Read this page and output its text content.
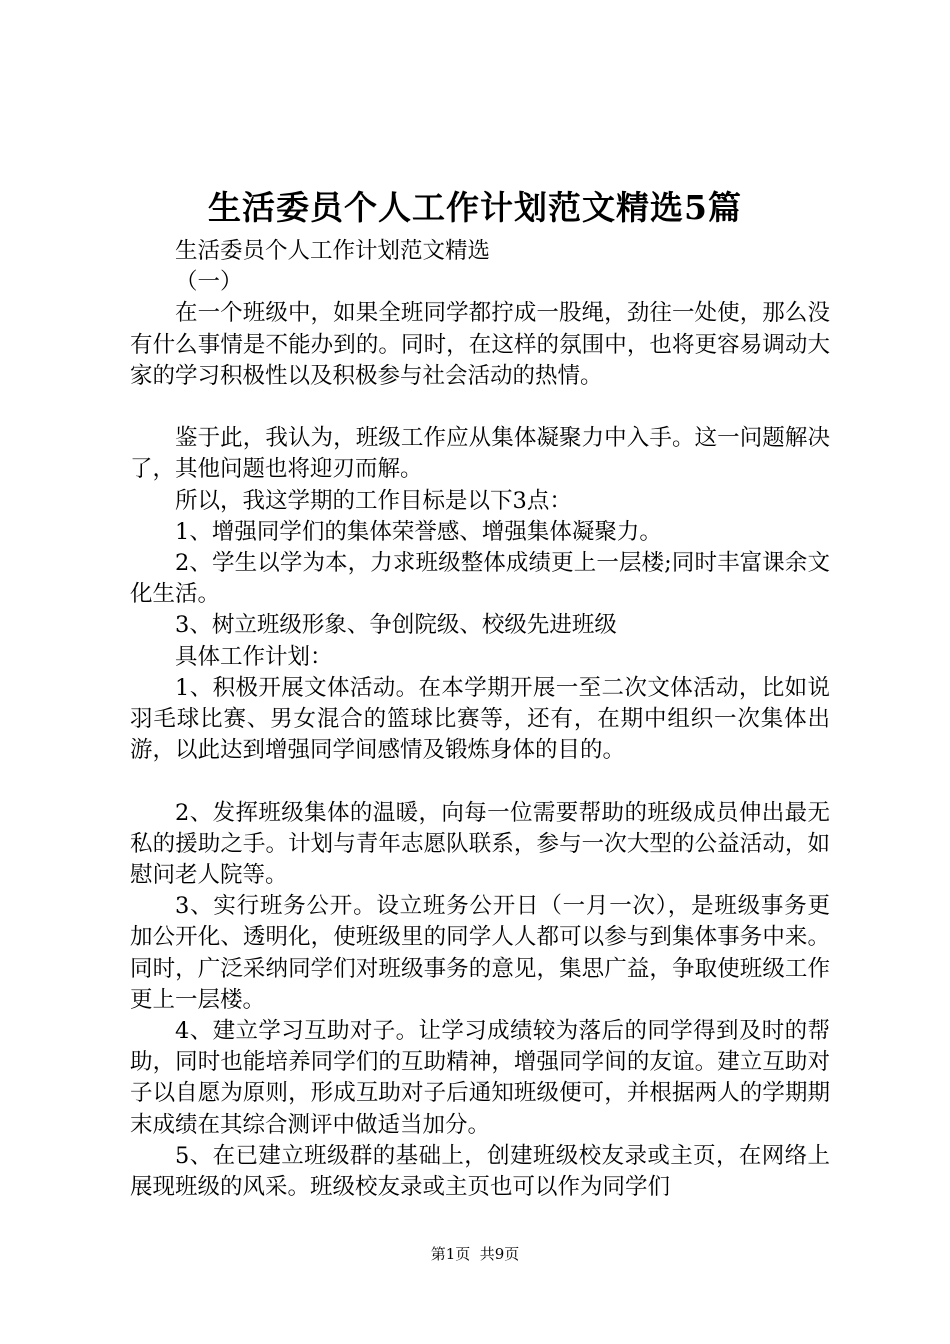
生活委员个人工作计划范文精选5篇

生活委员个人工作计划范文精选

（一）

在一个班级中，如果全班同学都拧成一股绳，劲往一处使，那么没有什么事情是不能办到的。同时，在这样的氛围中，也将更容易调动大家的学习积极性以及积极参与社会活动的热情。

鉴于此，我认为，班级工作应从集体凝聚力中入手。这一问题解决了，其他问题也将迎刃而解。

所以，我这学期的工作目标是以下3点：

1、增强同学们的集体荣誉感、增强集体凝聚力。

2、学生以学为本，力求班级整体成绩更上一层楼;同时丰富课余文化生活。

3、树立班级形象、争创院级、校级先进班级

具体工作计划：

1、积极开展文体活动。在本学期开展一至二次文体活动，比如说羽毛球比赛、男女混合的篮球比赛等，还有，在期中组织一次集体出游，以此达到增强同学间感情及锻炼身体的目的。

2、发挥班级集体的温暖，向每一位需要帮助的班级成员伸出最无私的援助之手。计划与青年志愿队联系，参与一次大型的公益活动，如慰问老人院等。

3、实行班务公开。设立班务公开日（一月一次），是班级事务更加公开化、透明化，使班级里的同学人人都可以参与到集体事务中来。同时，广泛采纳同学们对班级事务的意见，集思广益，争取使班级工作更上一层楼。

4、建立学习互助对子。让学习成绩较为落后的同学得到及时的帮助，同时也能培养同学们的互助精神，增强同学间的友谊。建立互助对子以自愿为原则，形成互助对子后通知班级便可，并根据两人的学期期末成绩在其综合测评中做适当加分。

5、在已建立班级群的基础上，创建班级校友录或主页，在网络上展现班级的风采。班级校友录或主页也可以作为同学们

第1页  共9页
